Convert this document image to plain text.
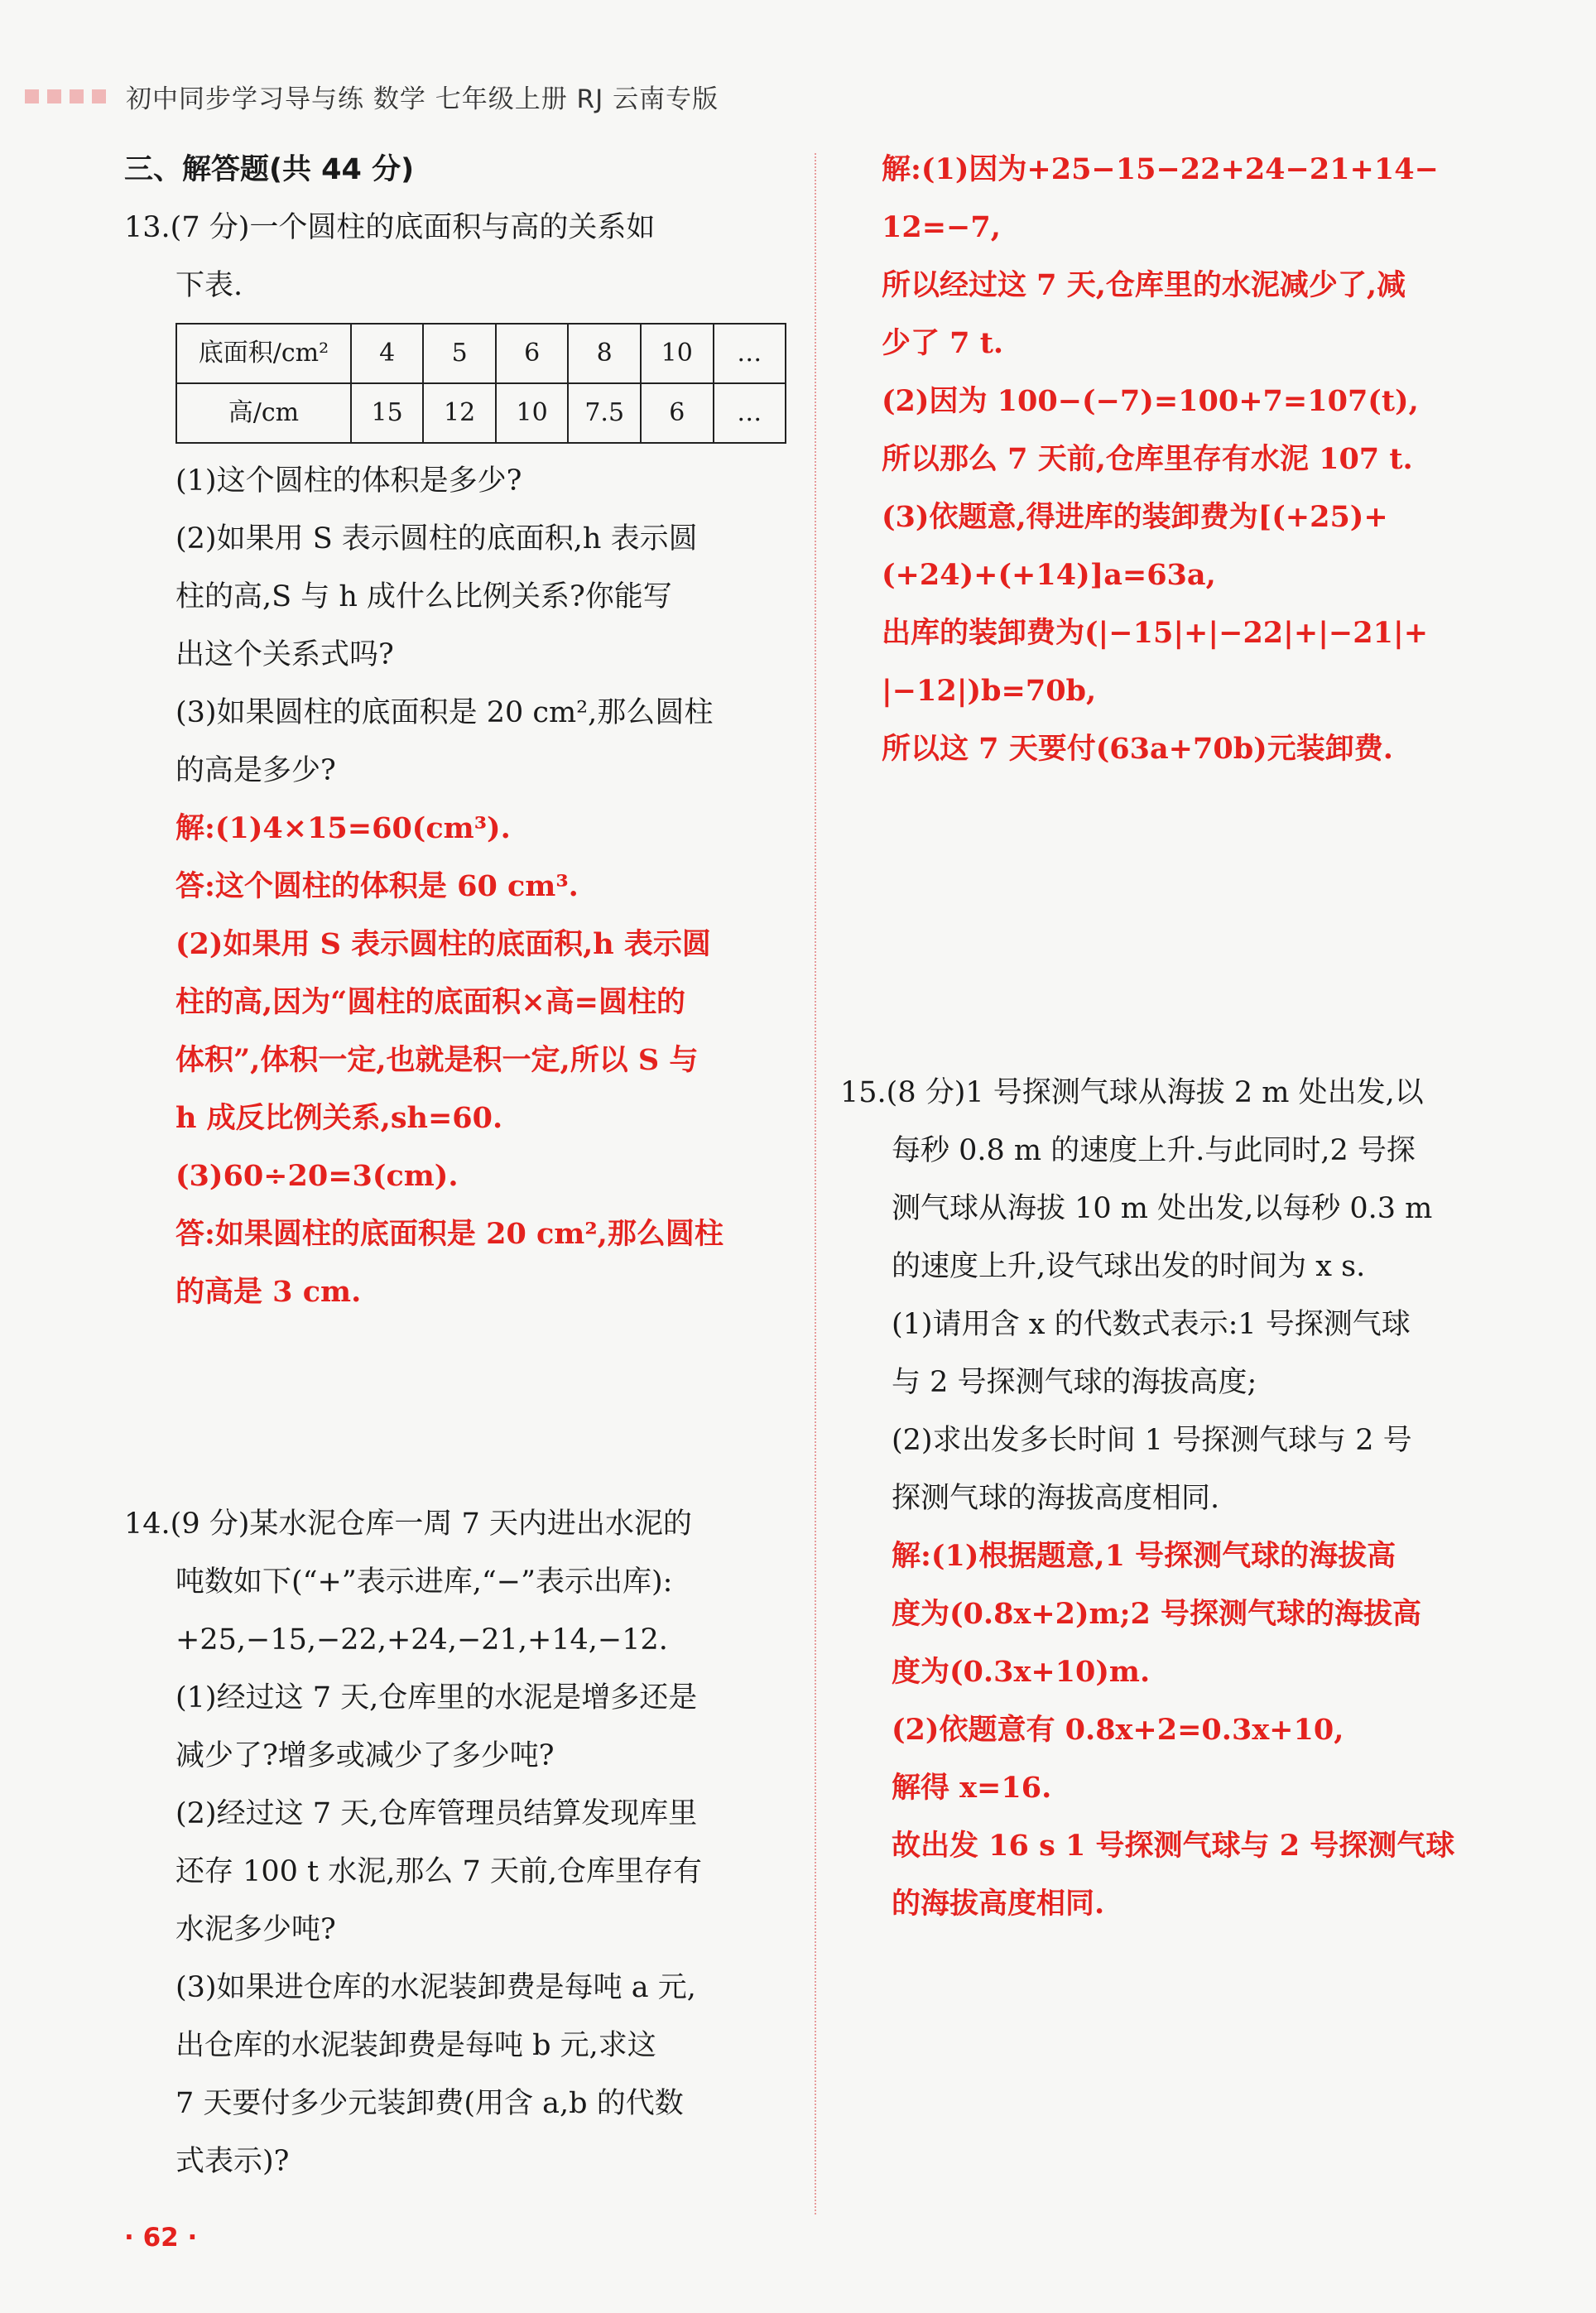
初中同步学习导与练 数学 七年级上册 RJ 云南专版
三、解答题(共 44 分)
13.(7 分)一个圆柱的底面积与高的关系如
下表.
底面积/cm²	4	5	6	8	10	…
高/cm	15	12	10	7.5	6	…
(1)这个圆柱的体积是多少?
(2)如果用 S 表示圆柱的底面积,h 表示圆
柱的高,S 与 h 成什么比例关系?你能写
出这个关系式吗?
(3)如果圆柱的底面积是 20 cm²,那么圆柱
的高是多少?
解:(1)4×15=60(cm³).
答:这个圆柱的体积是 60 cm³.
(2)如果用 S 表示圆柱的底面积,h 表示圆
柱的高,因为“圆柱的底面积×高=圆柱的
体积”,体积一定,也就是积一定,所以 S 与
h 成反比例关系,sh=60.
(3)60÷20=3(cm).
答:如果圆柱的底面积是 20 cm²,那么圆柱
的高是 3 cm.
14.(9 分)某水泥仓库一周 7 天内进出水泥的
吨数如下(“+”表示进库,“−”表示出库):
+25,−15,−22,+24,−21,+14,−12.
(1)经过这 7 天,仓库里的水泥是增多还是
减少了?增多或减少了多少吨?
(2)经过这 7 天,仓库管理员结算发现库里
还存 100 t 水泥,那么 7 天前,仓库里存有
水泥多少吨?
(3)如果进仓库的水泥装卸费是每吨 a 元,
出仓库的水泥装卸费是每吨 b 元,求这
7 天要付多少元装卸费(用含 a,b 的代数
式表示)?
解:(1)因为+25−15−22+24−21+14−
12=−7,
所以经过这 7 天,仓库里的水泥减少了,减
少了 7 t.
(2)因为 100−(−7)=100+7=107(t),
所以那么 7 天前,仓库里存有水泥 107 t.
(3)依题意,得进库的装卸费为[(+25)+
(+24)+(+14)]a=63a,
出库的装卸费为(|−15|+|−22|+|−21|+
|−12|)b=70b,
所以这 7 天要付(63a+70b)元装卸费.
15.(8 分)1 号探测气球从海拔 2 m 处出发,以
每秒 0.8 m 的速度上升.与此同时,2 号探
测气球从海拔 10 m 处出发,以每秒 0.3 m
的速度上升,设气球出发的时间为 x s.
(1)请用含 x 的代数式表示:1 号探测气球
与 2 号探测气球的海拔高度;
(2)求出发多长时间 1 号探测气球与 2 号
探测气球的海拔高度相同.
解:(1)根据题意,1 号探测气球的海拔高
度为(0.8x+2)m;2 号探测气球的海拔高
度为(0.3x+10)m.
(2)依题意有 0.8x+2=0.3x+10,
解得 x=16.
故出发 16 s 1 号探测气球与 2 号探测气球
的海拔高度相同.
· 62 ·
